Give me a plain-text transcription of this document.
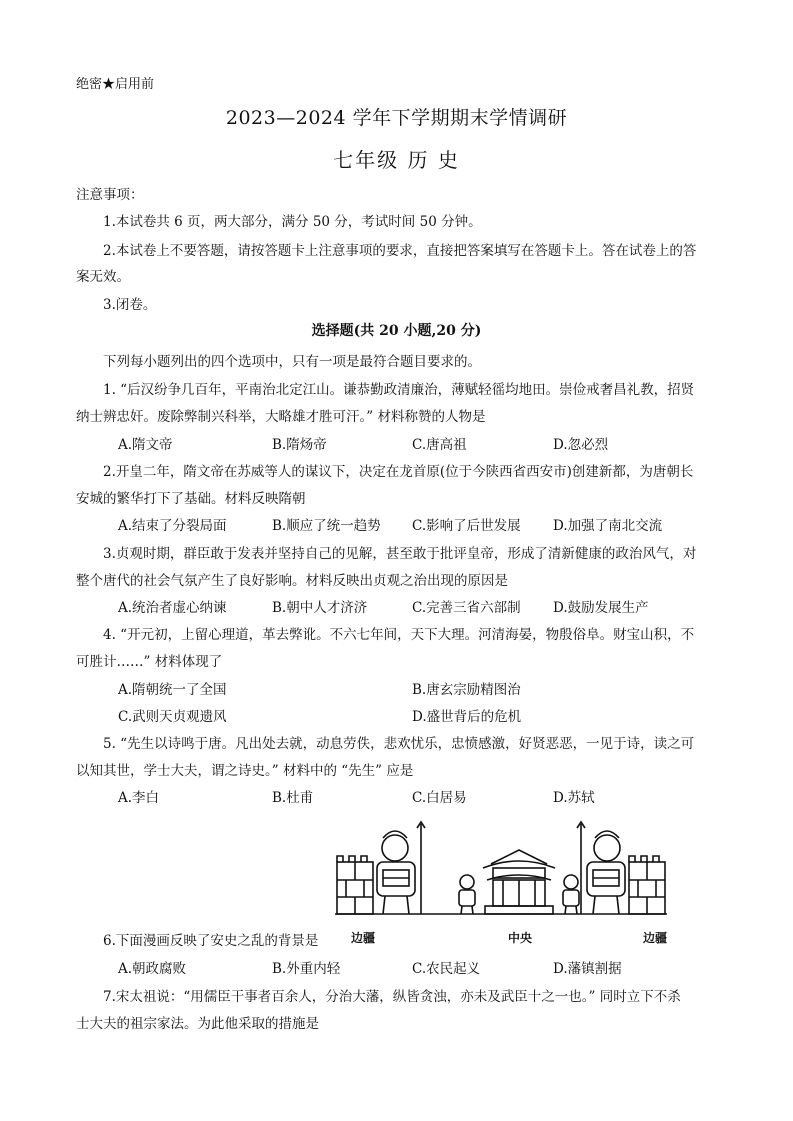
绝密★启用前
2023—2024 学年下学期期末学情调研
七年级 历 史
注意事项：
1.本试卷共 6 页，两大部分，满分 50 分，考试时间 50 分钟。
2.本试卷上不要答题，请按答题卡上注意事项的要求，直接把答案填写在答题卡上。答在试卷上的答
案无效。
3.闭卷。
选择题(共 20 小题,20 分)
下列每小题列出的四个选项中，只有一项是最符合题目要求的。
1. “后汉纷争几百年，平南治北定江山。谦恭勤政清廉治，薄赋轻徭均地田。崇俭戒奢昌礼教，招贤
纳士辨忠奸。废除弊制兴科举，大略雄才胜可汗。” 材料称赞的人物是
A.隋文帝	B.隋炀帝	C.唐高祖	D.忽必烈
2.开皇二年，隋文帝在苏威等人的谋议下，决定在龙首原(位于今陕西省西安市)创建新都，为唐朝长
安城的繁华打下了基础。材料反映隋朝
A.结束了分裂局面	B.顺应了统一趋势 C.影响了后世发展 D.加强了南北交流
3.贞观时期，群臣敢于发表并坚持自己的见解，甚至敢于批评皇帝，形成了清新健康的政治风气，对
整个唐代的社会气氛产生了良好影响。材料反映出贞观之治出现的原因是
A.统治者虚心纳谏	B.朝中人才济济	C.完善三省六部制 D.鼓励发展生产
4. “开元初，上留心理道，革去弊讹。不六七年间，天下大理。河清海晏，物殷俗阜。财宝山积，不
可胜计……” 材料体现了
A.隋朝统一了全国	B.唐玄宗励精图治
C.武则天贞观遗风	D.盛世背后的危机
5. “先生以诗鸣于唐。凡出处去就，动息劳佚，悲欢忧乐，忠愤感激，好贤恶恶，一见于诗，读之可
以知其世，学士大夫，谓之诗史。” 材料中的 “先生” 应是
A.李白	B.杜甫	C.白居易	D.苏轼
边疆	中央	边疆
6.下面漫画反映了安史之乱的背景是
A.朝政腐败	B.外重内轻	C.农民起义	D.藩镇割据
7.宋太祖说：“用儒臣干事者百余人，分治大藩，纵皆贪浊，亦未及武臣十之一也。” 同时立下不杀
士大夫的祖宗家法。为此他采取的措施是
